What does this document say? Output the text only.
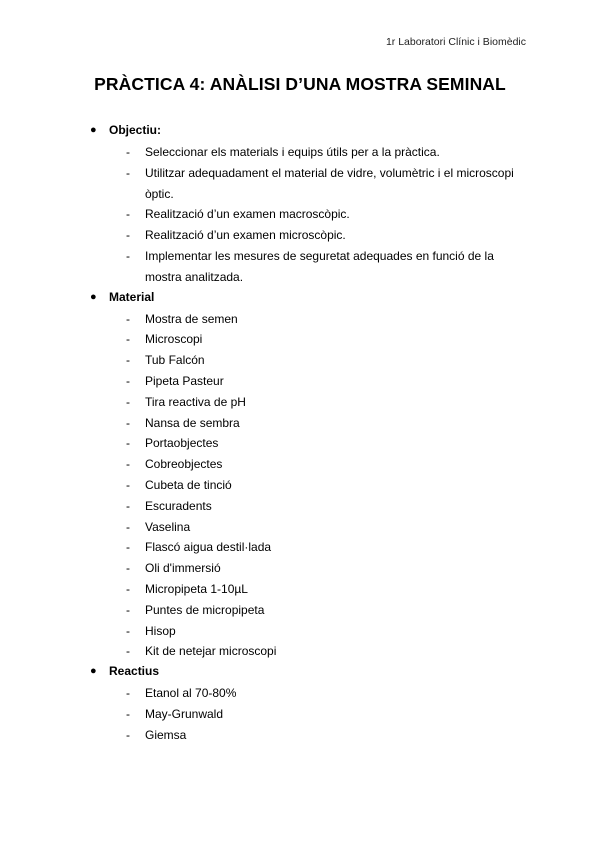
1r Laboratori Clínic i Biomèdic
PRÀCTICA 4: ANÀLISI D’UNA MOSTRA SEMINAL
● Objectiu:
- Seleccionar els materials i equips útils per a la pràctica.
- Utilitzar adequadament el material de vidre, volumètric i el microscopi òptic.
- Realització d’un examen macroscòpic.
- Realització d’un examen microscòpic.
- Implementar les mesures de seguretat adequades en funció de la mostra analitzada.
● Material
- Mostra de semen
- Microscopi
- Tub Falcón
- Pipeta Pasteur
- Tira reactiva de pH
- Nansa de sembra
- Portaobjectes
- Cobreobjectes
- Cubeta de tinció
- Escuradents
- Vaselina
- Flascó aigua destil·lada
- Oli d'immersió
- Micropipeta 1-10µL
- Puntes de micropipeta
- Hisop
- Kit de netejar microscopi
● Reactius
- Etanol al 70-80%
- May-Grunwald
- Giemsa
